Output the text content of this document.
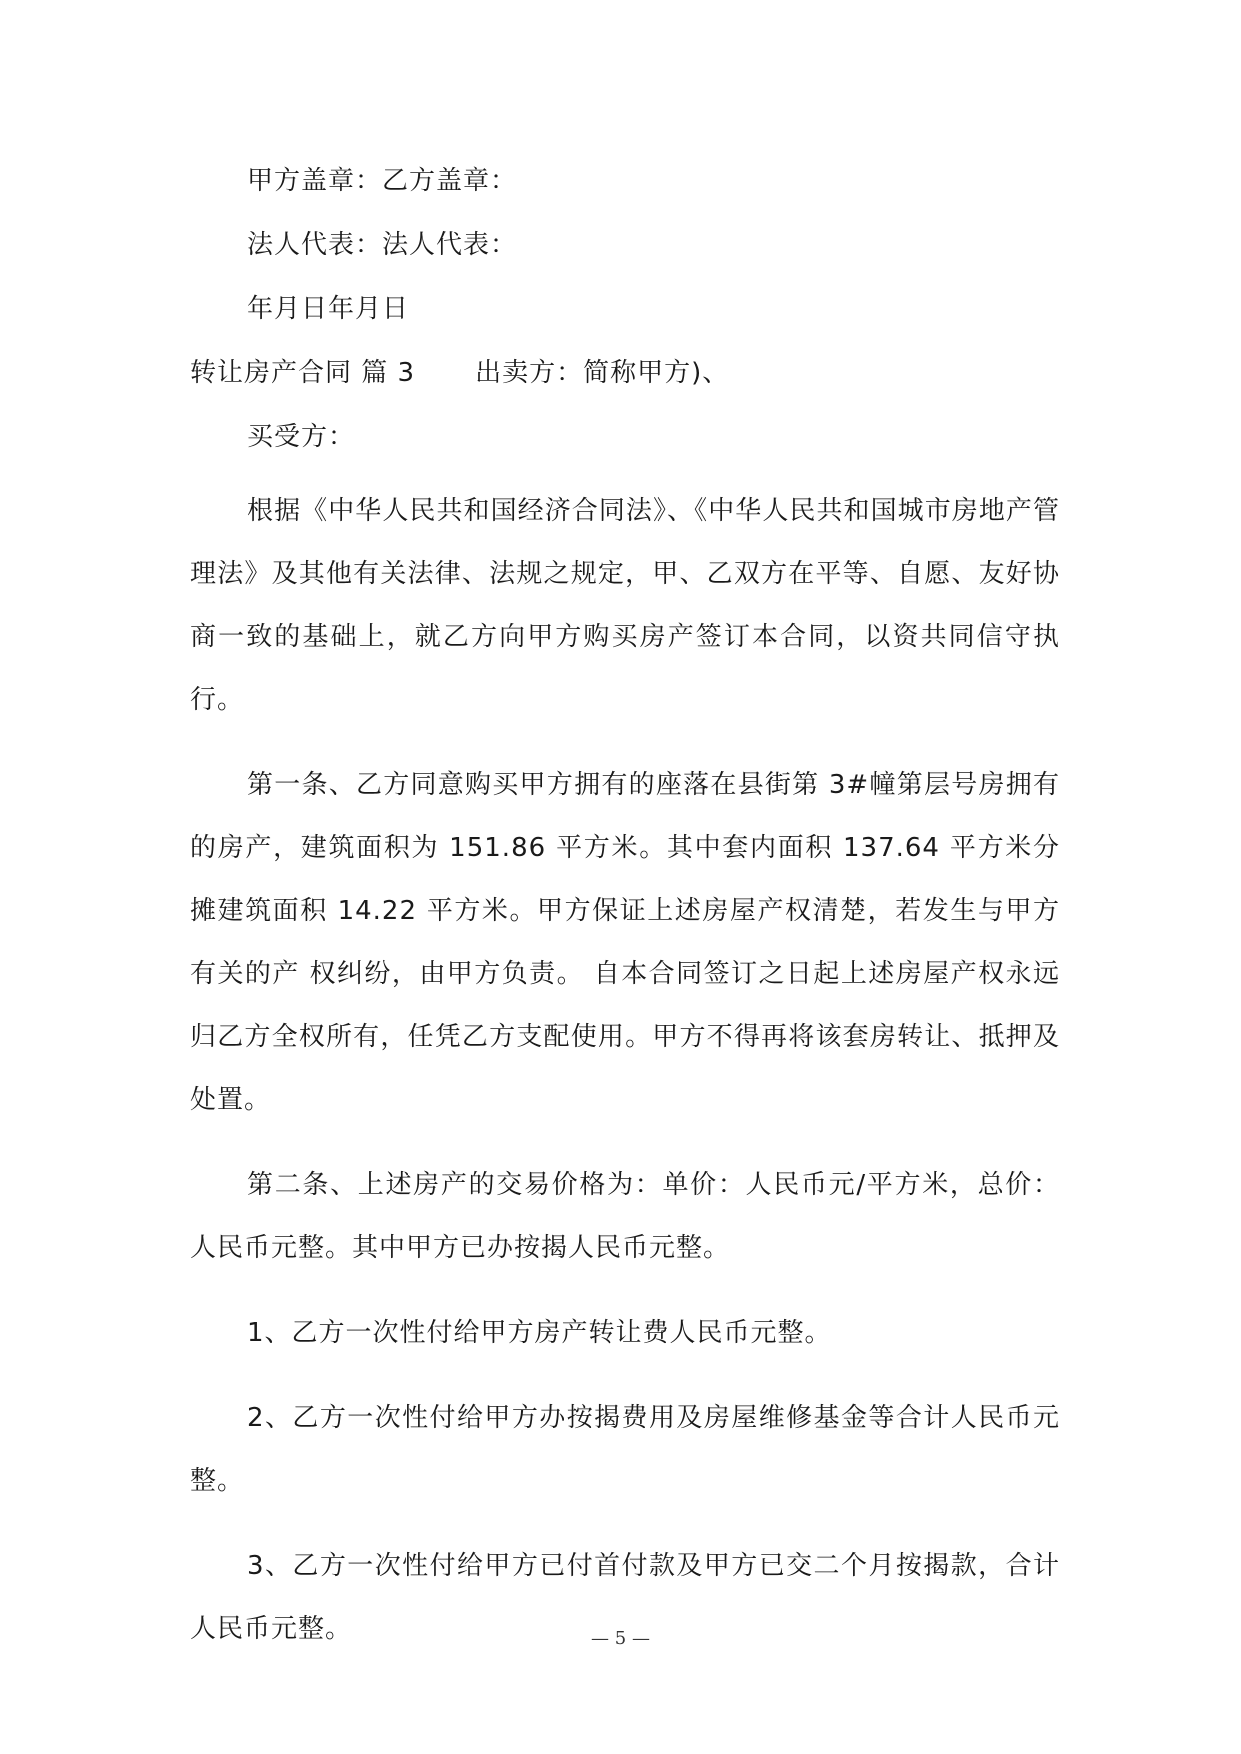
甲方盖章：乙方盖章：

法人代表：法人代表：

年月日年月日

转让房产合同 篇 3 出卖方：简称甲方)、

买受方：

根据《中华人民共和国经济合同法》、《中华人民共和国城市房地产管理法》及其他有关法律、法规之规定，甲、乙双方在平等、自愿、友好协商一致的基础上，就乙方向甲方购买房产签订本合同，以资共同信守执行。

第一条、乙方同意购买甲方拥有的座落在县街第 3#幢第层号房拥有的房产，建筑面积为 151.86 平方米。其中套内面积 137.64 平方米分摊建筑面积 14.22 平方米。甲方保证上述房屋产权清楚，若发生与甲方有关的产 权纠纷，由甲方负责。 自本合同签订之日起上述房屋产权永远归乙方全权所有，任凭乙方支配使用。甲方不得再将该套房转让、抵押及处置。

第二条、上述房产的交易价格为：单价：人民币元/平方米，总价：人民币元整。其中甲方已办按揭人民币元整。

1、乙方一次性付给甲方房产转让费人民币元整。

2、乙方一次性付给甲方办按揭费用及房屋维修基金等合计人民币元整。

3、乙方一次性付给甲方已付首付款及甲方已交二个月按揭款，合计人民币元整。	— 5 —
